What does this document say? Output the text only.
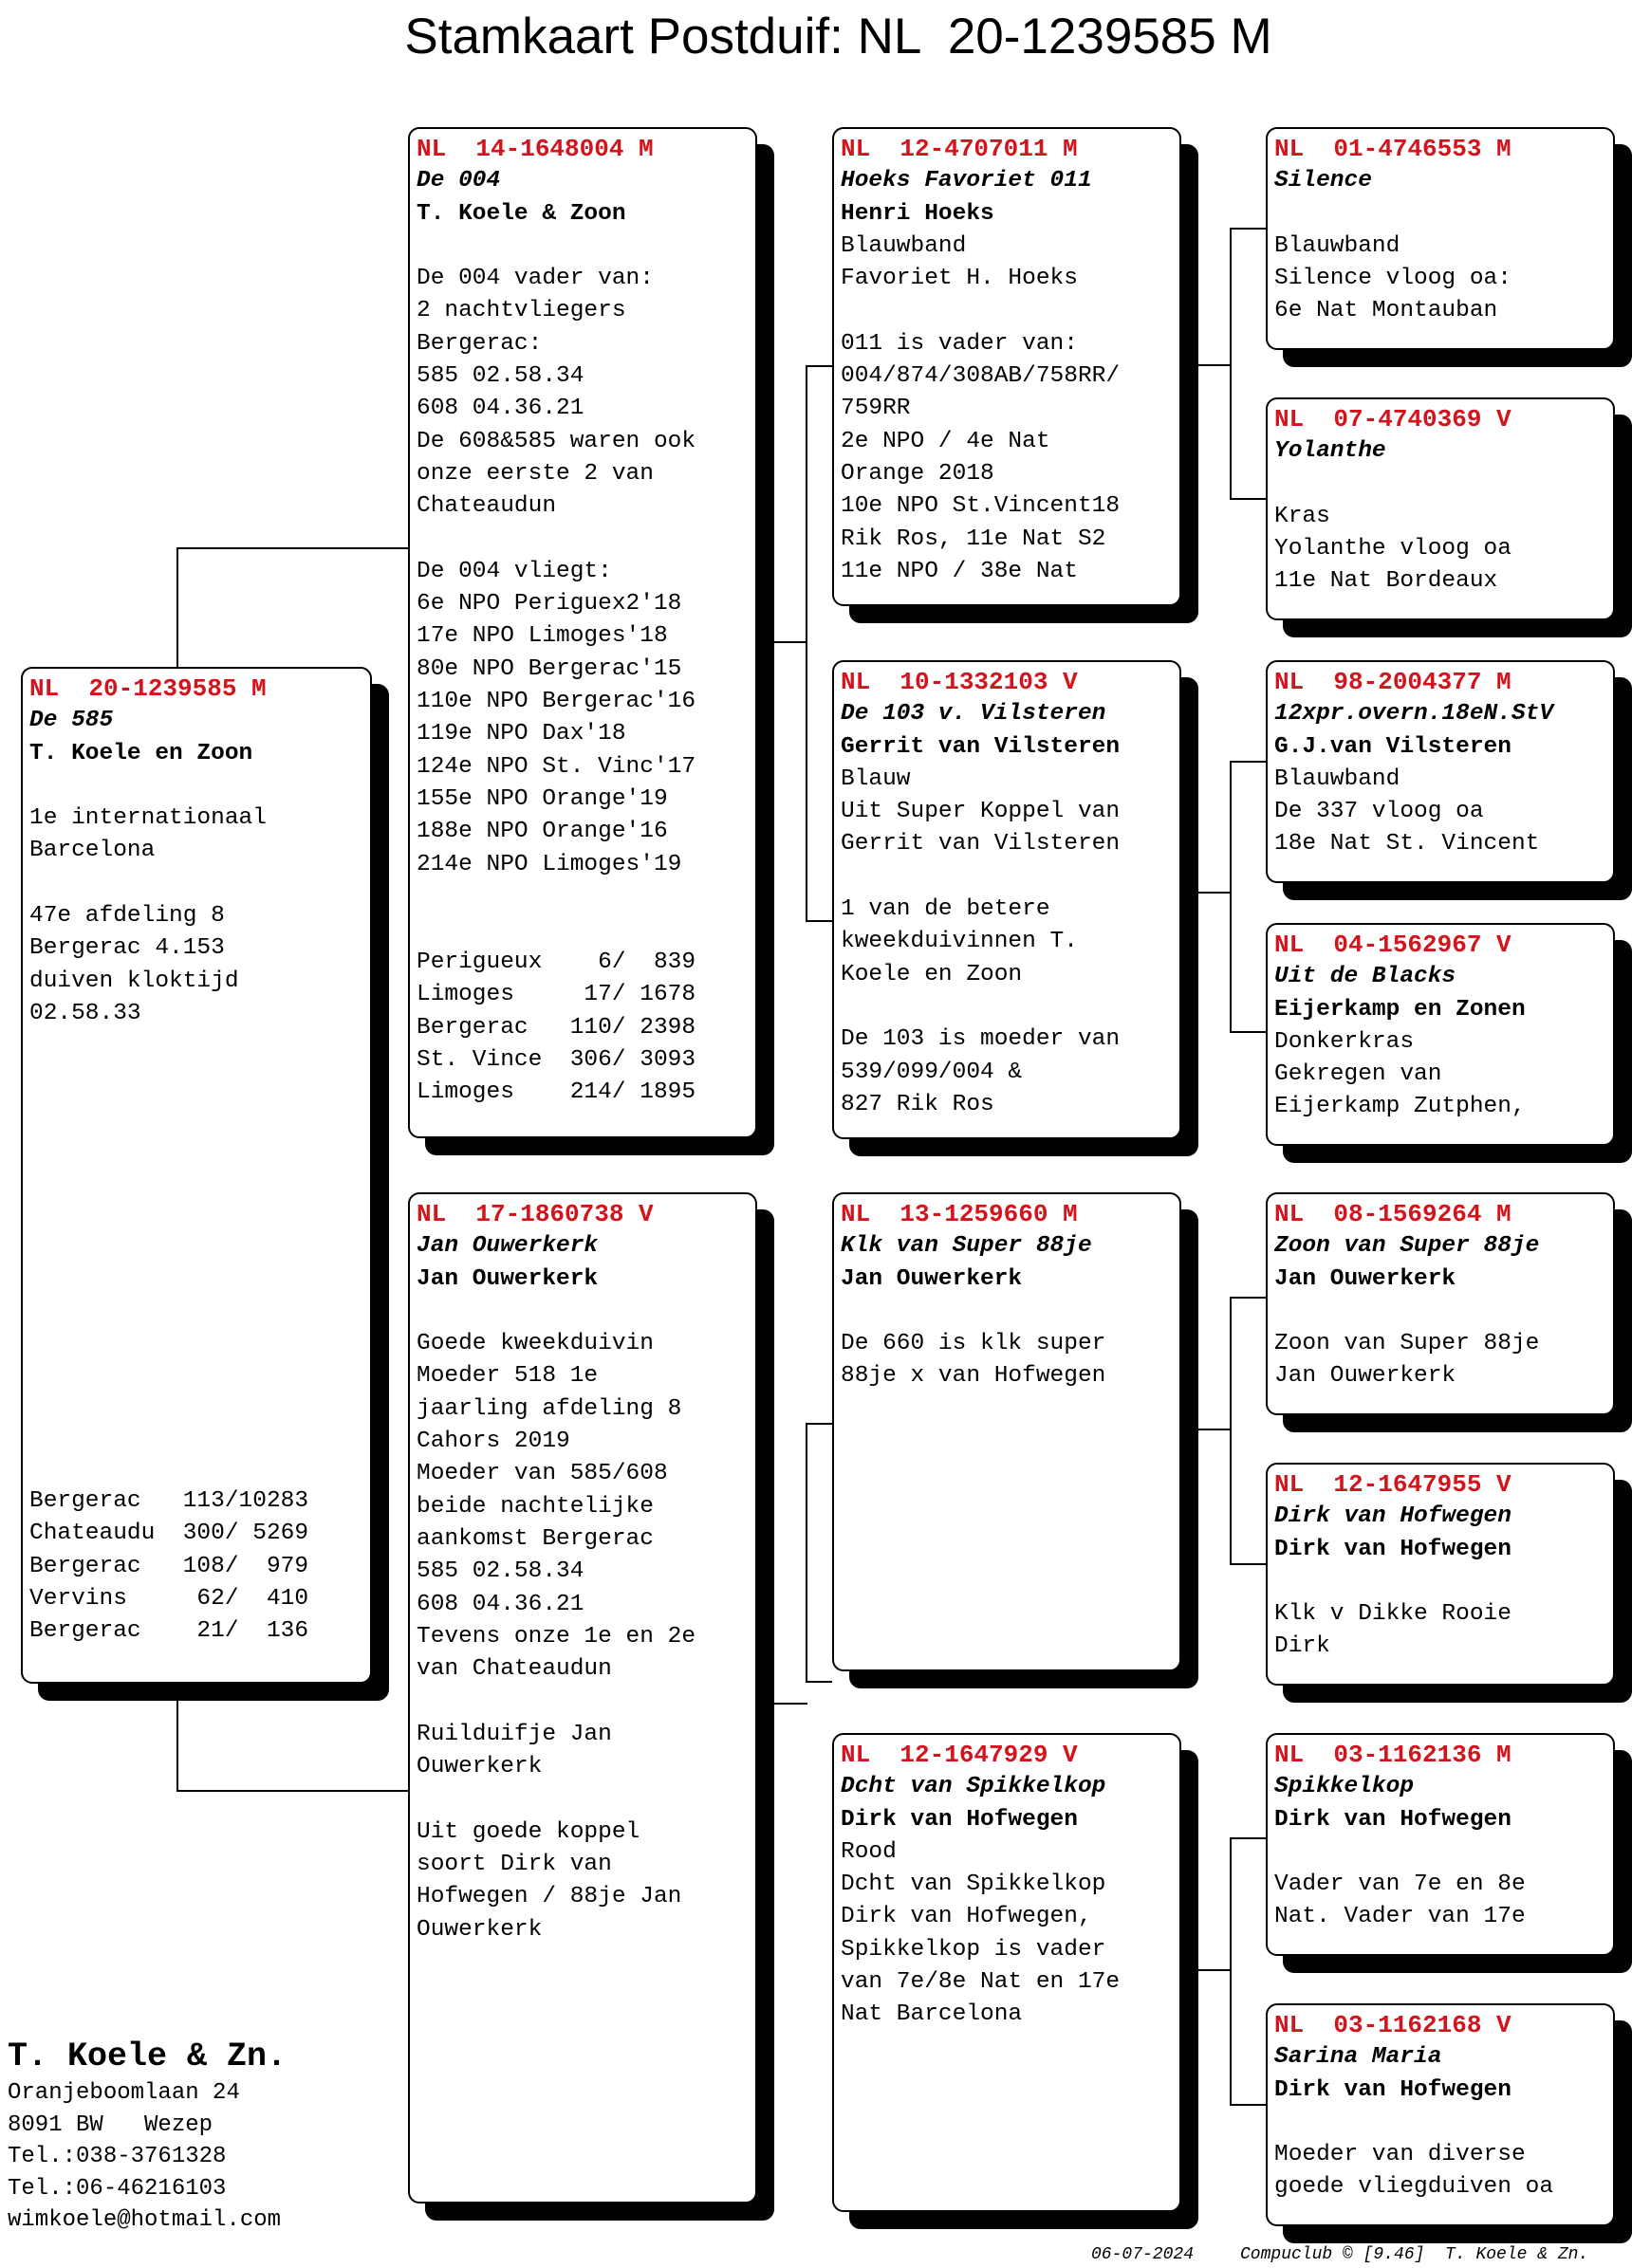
Stamkaart Postduif: NL  20-1239585 M
NL  20-1239585 M
De 585
T. Koele en Zoon

1e internationaal
Barcelona

47e afdeling 8
Bergerac 4.153
duiven kloktijd
02.58.33
Bergerac   113/10283
Chateaudu  300/ 5269
Bergerac   108/  979
Vervins     62/  410
Bergerac    21/  136
NL  14-1648004 M
De 004
T. Koele & Zoon

De 004 vader van:
2 nachtvliegers
Bergerac:
585 02.58.34
608 04.36.21
De 608&585 waren ook
onze eerste 2 van
Chateaudun

De 004 vliegt:
6e NPO Periguex2'18
17e NPO Limoges'18
80e NPO Bergerac'15
110e NPO Bergerac'16
119e NPO Dax'18
124e NPO St. Vinc'17
155e NPO Orange'19
188e NPO Orange'16
214e NPO Limoges'19
Perigueux    6/  839
Limoges     17/ 1678
Bergerac   110/ 2398
St. Vince  306/ 3093
Limoges    214/ 1895
NL  17-1860738 V
Jan Ouwerkerk
Jan Ouwerkerk

Goede kweekduivin
Moeder 518 1e
jaarling afdeling 8
Cahors 2019
Moeder van 585/608
beide nachtelijke
aankomst Bergerac
585 02.58.34
608 04.36.21
Tevens onze 1e en 2e
van Chateaudun

Ruilduifje Jan
Ouwerkerk

Uit goede koppel
soort Dirk van
Hofwegen / 88je Jan
Ouwerkerk
NL  12-4707011 M
Hoeks Favoriet 011
Henri Hoeks
Blauwband
Favoriet H. Hoeks

011 is vader van:
004/874/308AB/758RR/
759RR
2e NPO / 4e Nat
Orange 2018
10e NPO St.Vincent18
Rik Ros, 11e Nat S2
11e NPO / 38e Nat
NL  10-1332103 V
De 103 v. Vilsteren
Gerrit van Vilsteren
Blauw
Uit Super Koppel van
Gerrit van Vilsteren

1 van de betere
kweekduivinnen T.
Koele en Zoon

De 103 is moeder van
539/099/004 &
827 Rik Ros
NL  13-1259660 M
Klk van Super 88je
Jan Ouwerkerk

De 660 is klk super
88je x van Hofwegen
NL  12-1647929 V
Dcht van Spikkelkop
Dirk van Hofwegen
Rood
Dcht van Spikkelkop
Dirk van Hofwegen,
Spikkelkop is vader
van 7e/8e Nat en 17e
Nat Barcelona
NL  01-4746553 M
Silence
Blauwband
Silence vloog oa:
6e Nat Montauban
NL  07-4740369 V
Yolanthe
Kras
Yolanthe vloog oa
11e Nat Bordeaux
NL  98-2004377 M
12xpr.overn.18eN.StV
G.J.van Vilsteren
Blauwband
De 337 vloog oa
18e Nat St. Vincent
NL  04-1562967 V
Uit de Blacks
Eijerkamp en Zonen
Donkerkras
Gekregen van
Eijerkamp Zutphen,
NL  08-1569264 M
Zoon van Super 88je
Jan Ouwerkerk

Zoon van Super 88je
Jan Ouwerkerk
NL  12-1647955 V
Dirk van Hofwegen
Dirk van Hofwegen

Klk v Dikke Rooie
Dirk
NL  03-1162136 M
Spikkelkop
Dirk van Hofwegen

Vader van 7e en 8e
Nat. Vader van 17e
NL  03-1162168 V
Sarina Maria
Dirk van Hofwegen

Moeder van diverse
goede vliegduiven oa
T. Koele & Zn.
Oranjeboomlaan 24
8091 BW   Wezep
Tel.:038-3761328
Tel.:06-46216103
wimkoele@hotmail.com
06-07-2024	Compuclub © [9.46]  T. Koele & Zn.
